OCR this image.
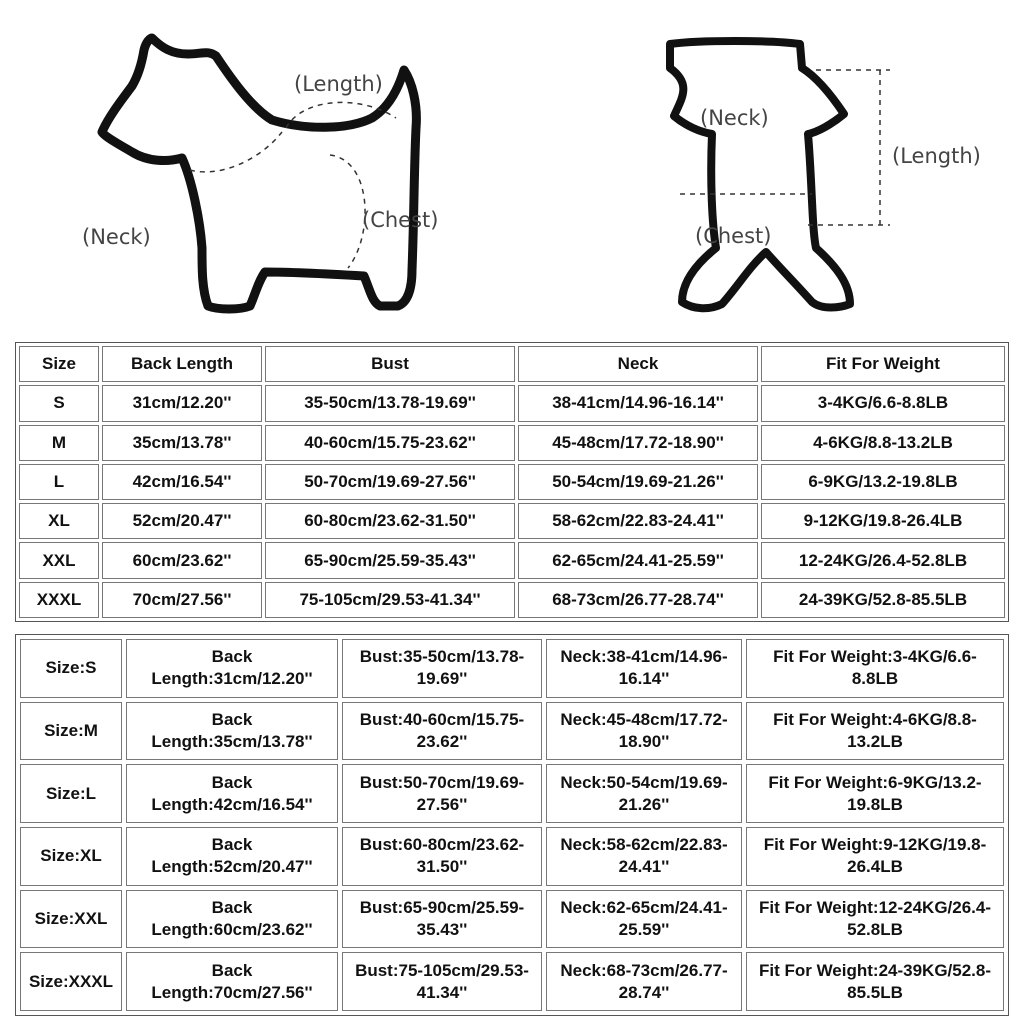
(Length)
(Neck)
(Chest)
(Neck)
(Length)
(Chest)
Size	Back Length	Bust	Neck	Fit For Weight
S	31cm/12.20''	35-50cm/13.78-19.69''	38-41cm/14.96-16.14''	3-4KG/6.6-8.8LB
M	35cm/13.78''	40-60cm/15.75-23.62''	45-48cm/17.72-18.90''	4-6KG/8.8-13.2LB
L	42cm/16.54''	50-70cm/19.69-27.56''	50-54cm/19.69-21.26''	6-9KG/13.2-19.8LB
XL	52cm/20.47''	60-80cm/23.62-31.50''	58-62cm/22.83-24.41''	9-12KG/19.8-26.4LB
XXL	60cm/23.62''	65-90cm/25.59-35.43''	62-65cm/24.41-25.59''	12-24KG/26.4-52.8LB
XXXL	70cm/27.56''	75-105cm/29.53-41.34''	68-73cm/26.77-28.74''	24-39KG/52.8-85.5LB
Size:S	Back Length:31cm/12.20''	Bust:35-50cm/13.78-19.69''	Neck:38-41cm/14.96-16.14''	Fit For Weight:3-4KG/6.6-8.8LB
Size:M	Back Length:35cm/13.78''	Bust:40-60cm/15.75-23.62''	Neck:45-48cm/17.72-18.90''	Fit For Weight:4-6KG/8.8-13.2LB
Size:L	Back Length:42cm/16.54''	Bust:50-70cm/19.69-27.56''	Neck:50-54cm/19.69-21.26''	Fit For Weight:6-9KG/13.2-19.8LB
Size:XL	Back Length:52cm/20.47''	Bust:60-80cm/23.62-31.50''	Neck:58-62cm/22.83-24.41''	Fit For Weight:9-12KG/19.8-26.4LB
Size:XXL	Back Length:60cm/23.62''	Bust:65-90cm/25.59-35.43''	Neck:62-65cm/24.41-25.59''	Fit For Weight:12-24KG/26.4-52.8LB
Size:XXXL	Back Length:70cm/27.56''	Bust:75-105cm/29.53-41.34''	Neck:68-73cm/26.77-28.74''	Fit For Weight:24-39KG/52.8-85.5LB
